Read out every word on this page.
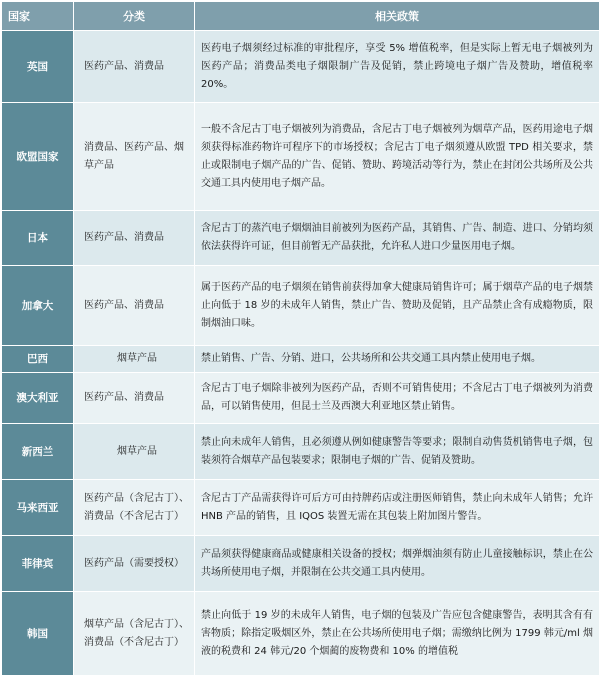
国家	分类	相关政策
英国	医药产品、消费品	医药电子烟须经过标准的审批程序，享受 5% 增值税率，但是实际上暂无电子烟被列为医药产品；消费品类电子烟限制广告及促销，禁止跨境电子烟广告及赞助，增值税率 20%。
欧盟国家	消费品、医药产品、烟草产品	一般不含尼古丁电子烟被列为消费品，含尼古丁电子烟被列为烟草产品，医药用途电子烟须获得标准药物许可程序下的市场授权；含尼古丁电子烟须遵从欧盟 TPD 相关要求，禁止或限制电子烟产品的广告、促销、赞助、跨境活动等行为，禁止在封闭公共场所及公共交通工具内使用电子烟产品。
日本	医药产品、消费品	含尼古丁的蒸汽电子烟烟油目前被列为医药产品，其销售、广告、制造、进口、分销均须依法获得许可证，但目前暂无产品获批，允许私人进口少量医用电子烟。
加拿大	医药产品、消费品	属于医药产品的电子烟须在销售前获得加拿大健康局销售许可；属于烟草产品的电子烟禁止向低于 18 岁的未成年人销售，禁止广告、赞助及促销，且产品禁止含有成瘾物质，限制烟油口味。
巴西	烟草产品	禁止销售、广告、分销、进口，公共场所和公共交通工具内禁止使用电子烟。
澳大利亚	医药产品、消费品	含尼古丁电子烟除非被列为医药产品，否则不可销售使用；不含尼古丁电子烟被列为消费品，可以销售使用，但昆士兰及西澳大利亚地区禁止销售。
新西兰	烟草产品	禁止向未成年人销售，且必须遵从例如健康警告等要求；限制自动售货机销售电子烟，包装须符合烟草产品包装要求；限制电子烟的广告、促销及赞助。
马来西亚	医药产品（含尼古丁）、消费品（不含尼古丁）	含尼古丁产品需获得许可后方可由持牌药店或注册医师销售，禁止向未成年人销售；允许 HNB 产品的销售，且 IQOS 装置无需在其包装上附加图片警告。
菲律宾	医药产品（需要授权）	产品须获得健康商品或健康相关设备的授权；烟弹烟油须有防止儿童接触标识，禁止在公共场所使用电子烟，并限制在公共交通工具内使用。
韩国	烟草产品（含尼古丁）、消费品（不含尼古丁）	禁止向低于 19 岁的未成年人销售，电子烟的包装及广告应包含健康警告，表明其含有有害物质；除指定吸烟区外，禁止在公共场所使用电子烟；需缴纳比例为 1799 韩元/ml 烟液的税费和 24 韩元/20 个烟蔺的废物费和 10% 的增值税
